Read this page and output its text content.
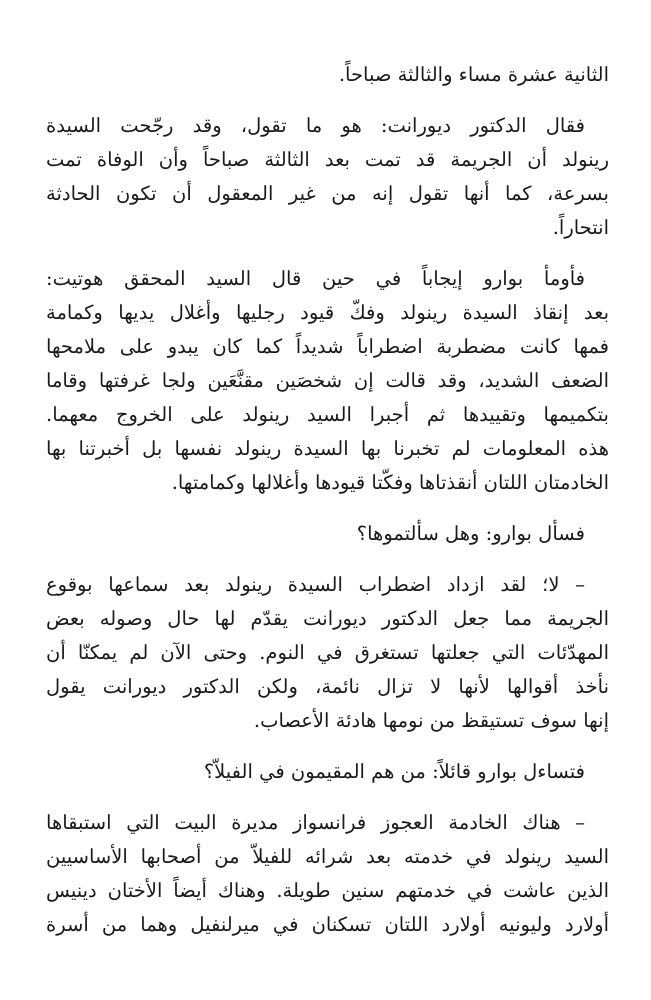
الثانية عشرة مساء والثالثة صباحاً.

فقال الدكتور ديورانت: هو ما تقول، وقد رجّحت السيدة
رينولد أن الجريمة قد تمت بعد الثالثة صباحاً وأن الوفاة تمت
بسرعة، كما أنها تقول إنه من غير المعقول أن تكون الحادثة
انتحاراً.

فأومأ بوارو إيجاباً في حين قال السيد المحقق هوتيت:
بعد إنقاذ السيدة رينولد وفكّ قيود رجليها وأغلال يديها وكمامة
فمها كانت مضطربة اضطراباً شديداً كما كان يبدو على ملامحها
الضعف الشديد، وقد قالت إن شخصَين مقنَّعَين ولجا غرفتها وقاما
بتكميمها وتقييدها ثم أجبرا السيد رينولد على الخروج معهما.
هذه المعلومات لم تخبرنا بها السيدة رينولد نفسها بل أخبرتنا بها
الخادمتان اللتان أنقذتاها وفكّتا قيودها وأغلالها وكمامتها.

فسأل بوارو: وهل سألتموها؟

– لا؛ لقد ازداد اضطراب السيدة رينولد بعد سماعها بوقوع
الجريمة مما جعل الدكتور ديورانت يقدّم لها حال وصوله بعض
المهدّئات التي جعلتها تستغرق في النوم. وحتى الآن لم يمكنّا أن
نأخذ أقوالها لأنها لا تزال نائمة، ولكن الدكتور ديورانت يقول
إنها سوف تستيقظ من نومها هادئة الأعصاب.

فتساءل بوارو قائلاً: من هم المقيمون في الفيلاّ؟

– هناك الخادمة العجوز فرانسواز مديرة البيت التي استبقاها
السيد رينولد في خدمته بعد شرائه للفيلاّ من أصحابها الأساسيين
الذين عاشت في خدمتهم سنين طويلة. وهناك أيضاً الأختان دينيس
أولارد وليونيه أولارد اللتان تسكنان في ميرلنفيل وهما من أسرة
